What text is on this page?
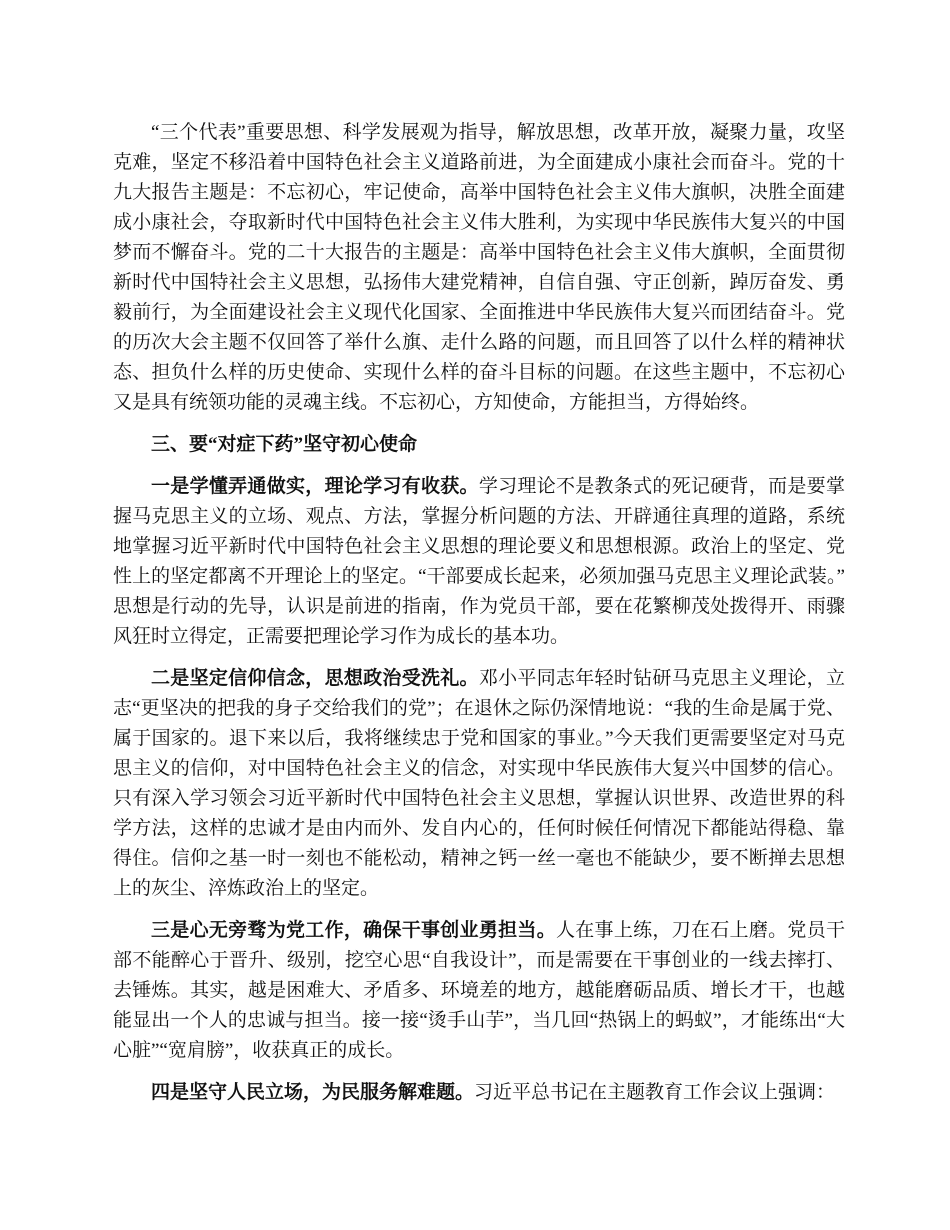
“三个代表”重要思想、科学发展观为指导，解放思想，改革开放，凝聚力量，攻坚克难，坚定不移沿着中国特色社会主义道路前进，为全面建成小康社会而奋斗。党的十九大报告主题是：不忘初心，牢记使命，高举中国特色社会主义伟大旗帜，决胜全面建成小康社会，夺取新时代中国特色社会主义伟大胜利，为实现中华民族伟大复兴的中国梦而不懈奋斗。党的二十大报告的主题是：高举中国特色社会主义伟大旗帜，全面贯彻新时代中国特社会主义思想，弘扬伟大建党精神，自信自强、守正创新，踔厉奋发、勇毅前行，为全面建设社会主义现代化国家、全面推进中华民族伟大复兴而团结奋斗。党的历次大会主题不仅回答了举什么旗、走什么路的问题，而且回答了以什么样的精神状态、担负什么样的历史使命、实现什么样的奋斗目标的问题。在这些主题中，不忘初心又是具有统领功能的灵魂主线。不忘初心，方知使命，方能担当，方得始终。

三、要“对症下药”坚守初心使命

一是学懂弄通做实，理论学习有收获。学习理论不是教条式的死记硬背，而是要掌握马克思主义的立场、观点、方法，掌握分析问题的方法、开辟通往真理的道路，系统地掌握习近平新时代中国特色社会主义思想的理论要义和思想根源。政治上的坚定、党性上的坚定都离不开理论上的坚定。“干部要成长起来，必须加强马克思主义理论武装。”思想是行动的先导，认识是前进的指南，作为党员干部，要在花繁柳茂处拨得开、雨骤风狂时立得定，正需要把理论学习作为成长的基本功。

二是坚定信仰信念，思想政治受洗礼。邓小平同志年轻时钻研马克思主义理论，立志“更坚决的把我的身子交给我们的党”；在退休之际仍深情地说：“我的生命是属于党、属于国家的。退下来以后，我将继续忠于党和国家的事业。”今天我们更需要坚定对马克思主义的信仰，对中国特色社会主义的信念，对实现中华民族伟大复兴中国梦的信心。只有深入学习领会习近平新时代中国特色社会主义思想，掌握认识世界、改造世界的科学方法，这样的忠诚才是由内而外、发自内心的，任何时候任何情况下都能站得稳、靠得住。信仰之基一时一刻也不能松动，精神之钙一丝一毫也不能缺少，要不断掸去思想上的灰尘、淬炼政治上的坚定。

三是心无旁骛为党工作，确保干事创业勇担当。人在事上练，刀在石上磨。党员干部不能醉心于晋升、级别，挖空心思“自我设计”，而是需要在干事创业的一线去摔打、去锤炼。其实，越是困难大、矛盾多、环境差的地方，越能磨砺品质、增长才干，也越能显出一个人的忠诚与担当。接一接“烫手山芋”，当几回“热锅上的蚂蚁”，才能练出“大心脏”“宽肩膀”，收获真正的成长。

四是坚守人民立场，为民服务解难题。习近平总书记在主题教育工作会议上强调：
